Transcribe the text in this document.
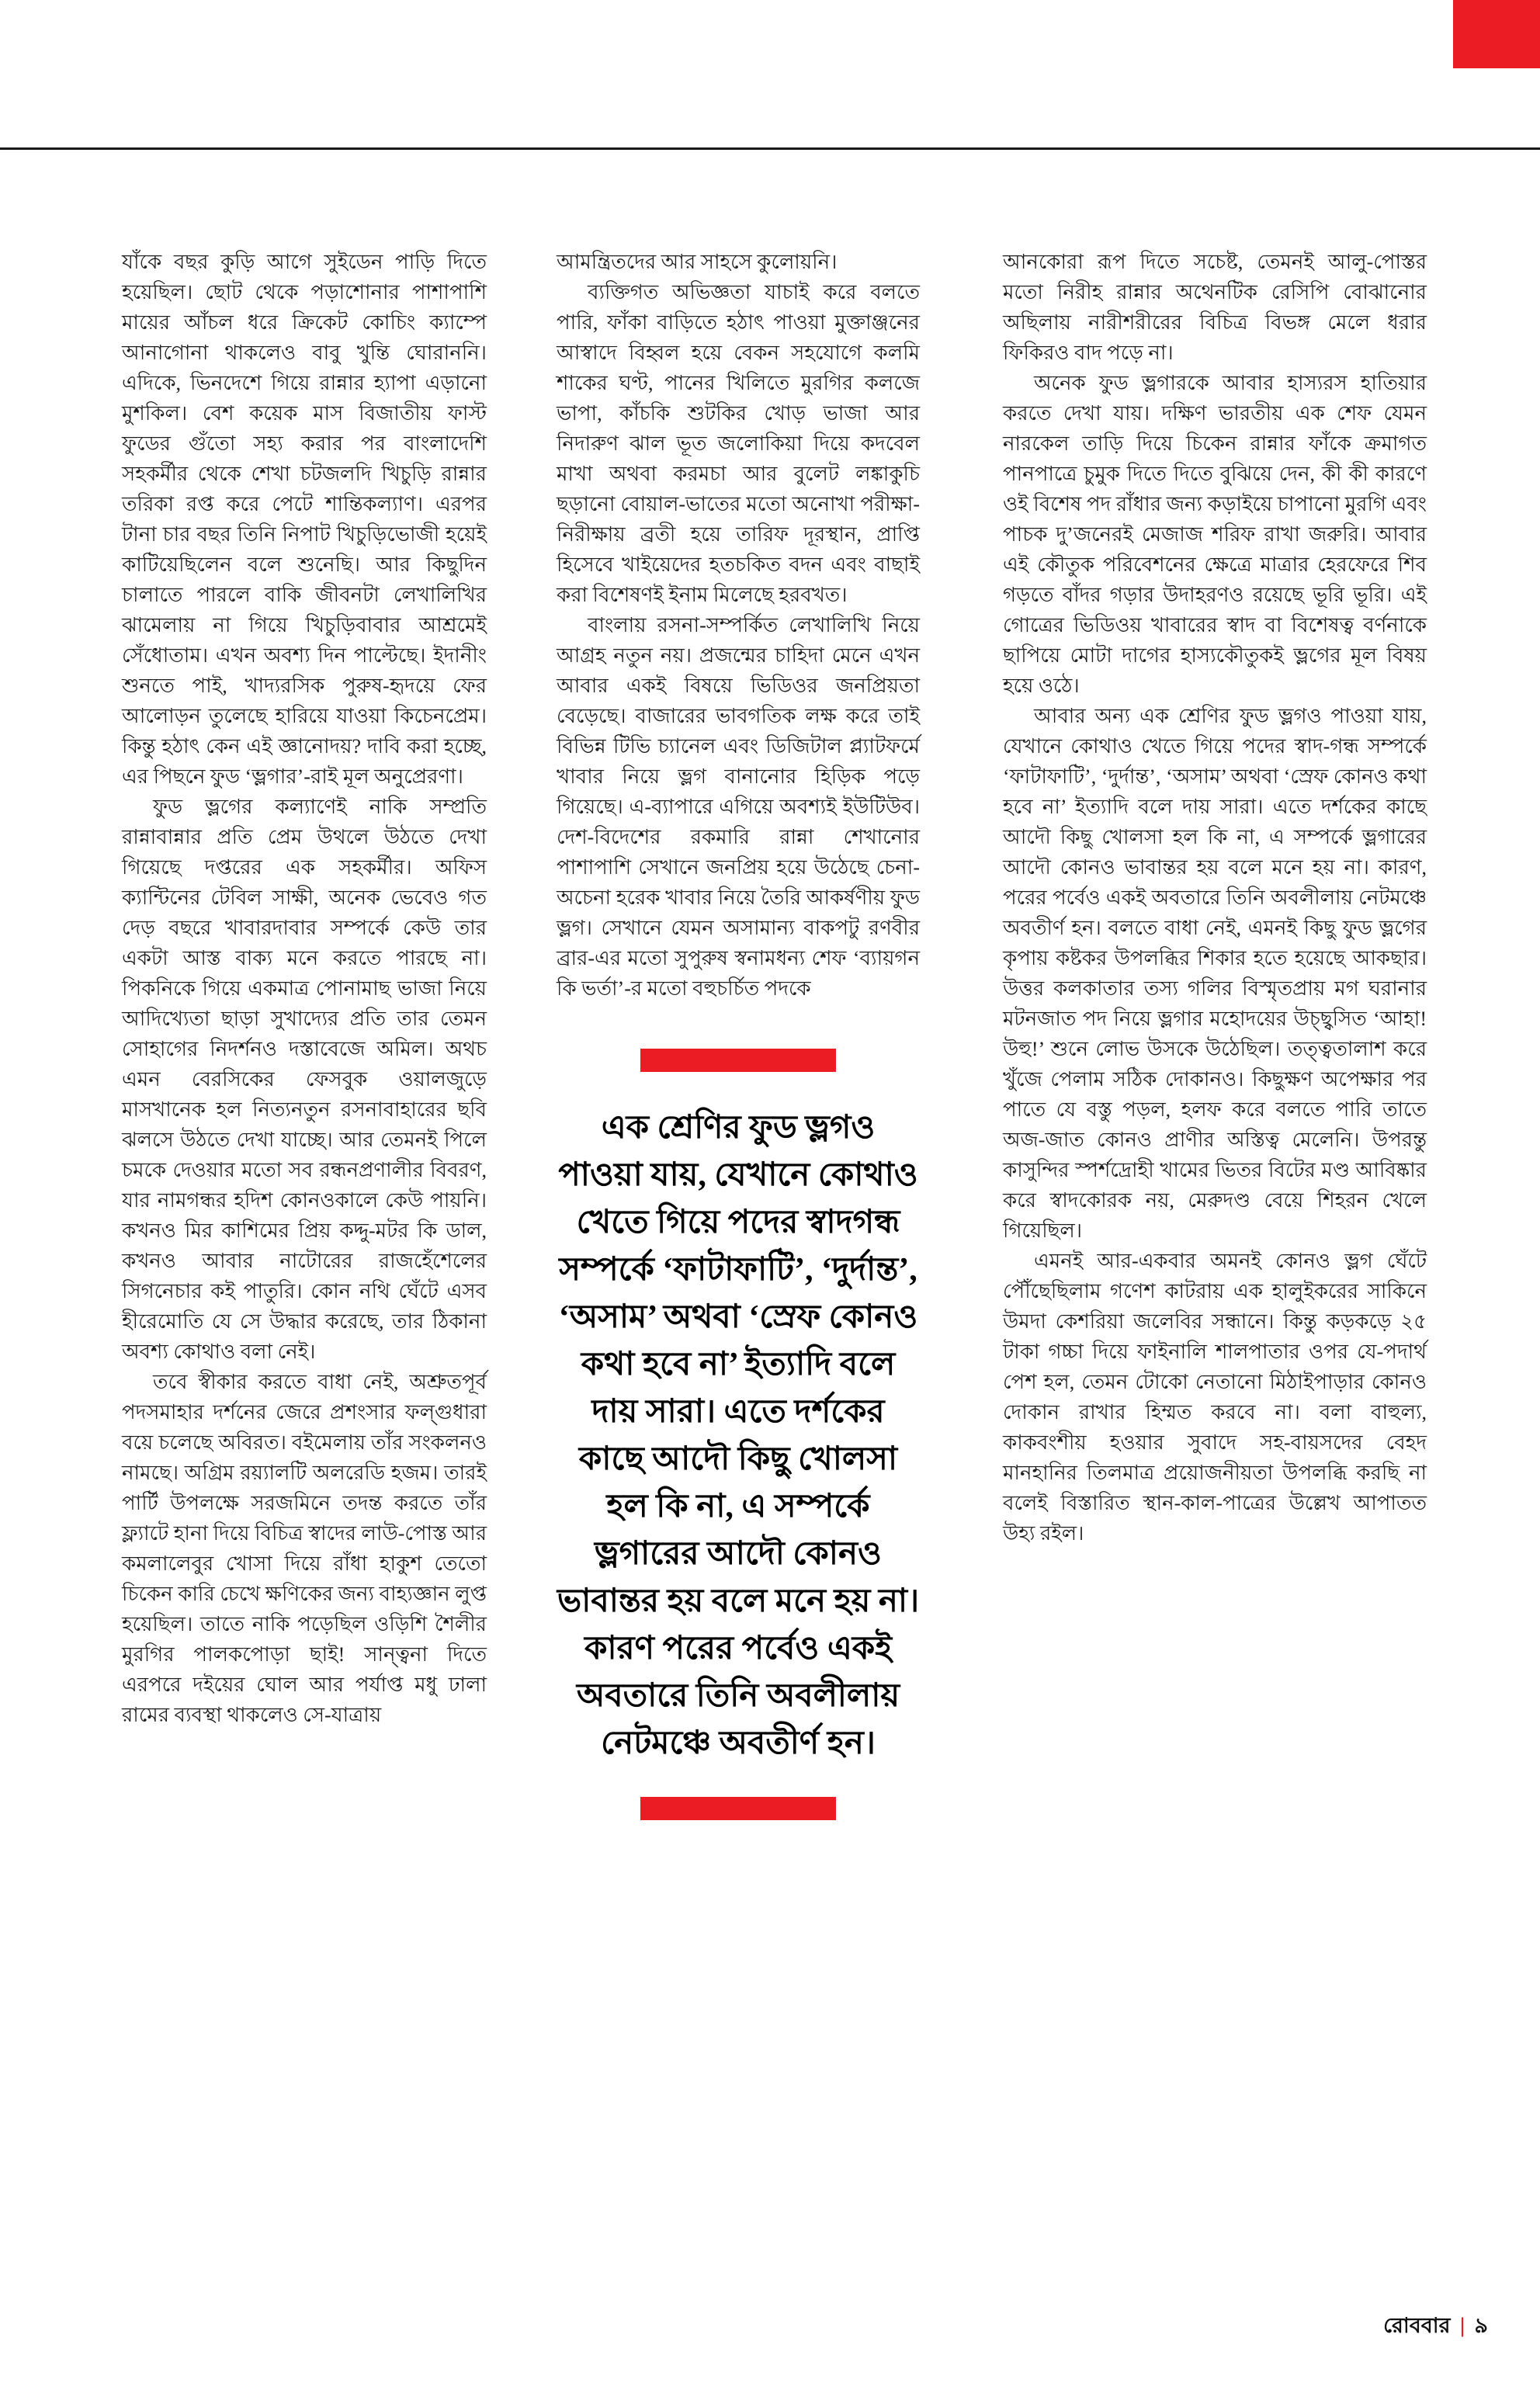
যাঁকে বছর কুড়ি আগে সুইডেন পাড়ি দিতে হয়েছিল। ছোট থেকে পড়াশোনার পাশাপাশি মায়ের আঁচল ধরে ক্রিকেট কোচিং ক্যাম্পে আনাগোনা থাকলেও বাবু খুন্তি ঘোরাননি। এদিকে, ভিনদেশে গিয়ে রান্নার হ্যাপা এড়ানো মুশকিল। বেশ কয়েক মাস বিজাতীয় ফাস্ট ফুডের গুঁতো সহ্য করার পর বাংলাদেশি সহকর্মীর থেকে শেখা চটজলদি খিচুড়ি রান্নার তরিকা রপ্ত করে পেটে শান্তিকল্যাণ। এরপর টানা চার বছর তিনি নিপাট খিচুড়িভোজী হয়েই কাটিয়েছিলেন বলে শুনেছি। আর কিছুদিন চালাতে পারলে বাকি জীবনটা লেখালিখির ঝামেলায় না গিয়ে খিচুড়িবাবার আশ্রমেই সেঁধোতাম। এখন অবশ্য দিন পাল্টেছে। ইদানীং শুনতে পাই, খাদ্যরসিক পুরুষ-হৃদয়ে ফের আলোড়ন তুলেছে হারিয়ে যাওয়া কিচেনপ্রেম। কিন্তু হঠাৎ কেন এই জ্ঞানোদয়? দাবি করা হচ্ছে, এর পিছনে ফুড ‘ভ্লগার’-রাই মূল অনুপ্রেরণা।

ফুড ভ্লগের কল্যাণেই নাকি সম্প্রতি রান্নাবান্নার প্রতি প্রেম উথলে উঠতে দেখা গিয়েছে দপ্তরের এক সহকর্মীর। অফিস ক্যান্টিনের টেবিল সাক্ষী, অনেক ভেবেও গত দেড় বছরে খাবারদাবার সম্পর্কে কেউ তার একটা আস্ত বাক্য মনে করতে পারছে না। পিকনিকে গিয়ে একমাত্র পোনামাছ ভাজা নিয়ে আদিখ্যেতা ছাড়া সুখাদ্যের প্রতি তার তেমন সোহাগের নিদর্শনও দস্তাবেজে অমিল। অথচ এমন বেরসিকের ফেসবুক ওয়ালজুড়ে মাসখানেক হল নিত্যনতুন রসনাবাহারের ছবি ঝলসে উঠতে দেখা যাচ্ছে। আর তেমনই পিলে চমকে দেওয়ার মতো সব রন্ধনপ্রণালীর বিবরণ, যার নামগন্ধর হদিশ কোনওকালে কেউ পায়নি। কখনও মির কাশিমের প্রিয় কদ্দু-মটর কি ডাল, কখনও আবার নাটোরের রাজহেঁশেলের সিগনেচার কই পাতুরি। কোন নথি ঘেঁটে এসব হীরেমোতি যে সে উদ্ধার করেছে, তার ঠিকানা অবশ্য কোথাও বলা নেই।

তবে স্বীকার করতে বাধা নেই, অশ্রুতপূর্ব পদসমাহার দর্শনের জেরে প্রশংসার ফল্গুধারা বয়ে চলেছে অবিরত। বইমেলায় তাঁর সংকলনও নামছে। অগ্রিম রয়্যালটি অলরেডি হজম। তারই পার্টি উপলক্ষে সরজমিনে তদন্ত করতে তাঁর ফ্ল্যাটে হানা দিয়ে বিচিত্র স্বাদের লাউ-পোস্ত আর কমলালেবুর খোসা দিয়ে রাঁধা হাকুশ তেতো চিকেন কারি চেখে ক্ষণিকের জন্য বাহ্যজ্ঞান লুপ্ত হয়েছিল। তাতে নাকি পড়েছিল ওড়িশি শৈলীর মুরগির পালকপোড়া ছাই! সান্ত্বনা দিতে এরপরে দইয়ের ঘোল আর পর্যাপ্ত মধু ঢালা রামের ব্যবস্থা থাকলেও সে-যাত্রায়

আমন্ত্রিতদের আর সাহসে কুলোয়নি।

ব্যক্তিগত অভিজ্ঞতা যাচাই করে বলতে পারি, ফাঁকা বাড়িতে হঠাৎ পাওয়া মুক্তাঞ্জনের আস্বাদে বিহ্বল হয়ে বেকন সহযোগে কলমি শাকের ঘণ্ট, পানের খিলিতে মুরগির কলজে ভাপা, কাঁচকি শুটকির খোড় ভাজা আর নিদারুণ ঝাল ভূত জলোকিয়া দিয়ে কদবেল মাখা অথবা করমচা আর বুলেট লঙ্কাকুচি ছড়ানো বোয়াল-ভাতের মতো অনোখা পরীক্ষা-নিরীক্ষায় ব্রতী হয়ে তারিফ দূরস্থান, প্রাপ্তি হিসেবে খাইয়েদের হতচকিত বদন এবং বাছাই করা বিশেষণই ইনাম মিলেছে হরবখত।

বাংলায় রসনা-সম্পর্কিত লেখালিখি নিয়ে আগ্রহ নতুন নয়। প্রজন্মের চাহিদা মেনে এখন আবার একই বিষয়ে ভিডিওর জনপ্রিয়তা বেড়েছে। বাজারের ভাবগতিক লক্ষ করে তাই বিভিন্ন টিভি চ্যানেল এবং ডিজিটাল প্ল্যাটফর্মে খাবার নিয়ে ভ্লগ বানানোর হিড়িক পড়ে গিয়েছে। এ-ব্যাপারে এগিয়ে অবশ্যই ইউটিউব। দেশ-বিদেশের রকমারি রান্না শেখানোর পাশাপাশি সেখানে জনপ্রিয় হয়ে উঠেছে চেনা-অচেনা হরেক খাবার নিয়ে তৈরি আকর্ষণীয় ফুড ভ্লগ। সেখানে যেমন অসামান্য বাকপটু রণবীর ব্রার-এর মতো সুপুরুষ স্বনামধন্য শেফ ‘ব্যায়গন কি ভর্তা’-র মতো বহুচর্চিত পদকে

এক শ্রেণির ফুড ভ্লগও পাওয়া যায়, যেখানে কোথাও খেতে গিয়ে পদের স্বাদগন্ধ সম্পর্কে ‘ফাটাফাটি’, ‘দুর্দান্ত’, ‘অসাম’ অথবা ‘স্রেফ কোনও কথা হবে না’ ইত্যাদি বলে দায় সারা। এতে দর্শকের কাছে আদৌ কিছু খোলসা হল কি না, এ সম্পর্কে ভ্লগারের আদৌ কোনও ভাবান্তর হয় বলে মনে হয় না। কারণ পরের পর্বেও একই অবতারে তিনি অবলীলায় নেটমঞ্চে অবতীর্ণ হন।

আনকোরা রূপ দিতে সচেষ্ট, তেমনই আলু-পোস্তর মতো নিরীহ রান্নার অথেনটিক রেসিপি বোঝানোর অছিলায় নারীশরীরের বিচিত্র বিভঙ্গ মেলে ধরার ফিকিরও বাদ পড়ে না।

অনেক ফুড ভ্লগারকে আবার হাস্যরস হাতিয়ার করতে দেখা যায়। দক্ষিণ ভারতীয় এক শেফ যেমন নারকেল তাড়ি দিয়ে চিকেন রান্নার ফাঁকে ক্রমাগত পানপাত্রে চুমুক দিতে দিতে বুঝিয়ে দেন, কী কী কারণে ওই বিশেষ পদ রাঁধার জন্য কড়াইয়ে চাপানো মুরগি এবং পাচক দু’জনেরই মেজাজ শরিফ রাখা জরুরি। আবার এই কৌতুক পরিবেশনের ক্ষেত্রে মাত্রার হেরফেরে শিব গড়তে বাঁদর গড়ার উদাহরণও রয়েছে ভূরি ভূরি। এই গোত্রের ভিডিওয় খাবারের স্বাদ বা বিশেষত্ব বর্ণনাকে ছাপিয়ে মোটা দাগের হাস্যকৌতুকই ভ্লগের মূল বিষয় হয়ে ওঠে।

আবার অন্য এক শ্রেণির ফুড ভ্লগও পাওয়া যায়, যেখানে কোথাও খেতে গিয়ে পদের স্বাদ-গন্ধ সম্পর্কে ‘ফাটাফাটি’, ‘দুর্দান্ত’, ‘অসাম’ অথবা ‘স্রেফ কোনও কথা হবে না’ ইত্যাদি বলে দায় সারা। এতে দর্শকের কাছে আদৌ কিছু খোলসা হল কি না, এ সম্পর্কে ভ্লগারের আদৌ কোনও ভাবান্তর হয় বলে মনে হয় না। কারণ, পরের পর্বেও একই অবতারে তিনি অবলীলায় নেটমঞ্চে অবতীর্ণ হন। বলতে বাধা নেই, এমনই কিছু ফুড ভ্লগের কৃপায় কষ্টকর উপলব্ধির শিকার হতে হয়েছে আকছার। উত্তর কলকাতার তস্য গলির বিস্মৃতপ্রায় মগ ঘরানার মটনজাত পদ নিয়ে ভ্লগার মহোদয়ের উচ্ছ্বসিত ‘আহা! উহু!’ শুনে লোভ উসকে উঠেছিল। তত্ত্বতালাশ করে খুঁজে পেলাম সঠিক দোকানও। কিছুক্ষণ অপেক্ষার পর পাতে যে বস্তু পড়ল, হলফ করে বলতে পারি তাতে অজ-জাত কোনও প্রাণীর অস্তিত্ব মেলেনি। উপরন্তু কাসুন্দির স্পর্শদ্রোহী খামের ভিতর বিটের মণ্ড আবিষ্কার করে স্বাদকোরক নয়, মেরুদণ্ড বেয়ে শিহরন খেলে গিয়েছিল।

এমনই আর-একবার অমনই কোনও ভ্লগ ঘেঁটে পৌঁছেছিলাম গণেশ কাটরায় এক হালুইকরের সাকিনে উমদা কেশরিয়া জলেবির সন্ধানে। কিন্তু কড়কড়ে ২৫ টাকা গচ্চা দিয়ে ফাইনালি শালপাতার ওপর যে-পদার্থ পেশ হল, তেমন টোকো নেতানো মিঠাইপাড়ার কোনও দোকান রাখার হিম্মত করবে না। বলা বাহুল্য, কাকবংশীয় হওয়ার সুবাদে সহ-বায়সদের বেহদ মানহানির তিলমাত্র প্রয়োজনীয়তা উপলব্ধি করছি না বলেই বিস্তারিত স্থান-কাল-পাত্রের উল্লেখ আপাতত উহ্য রইল।

রোববার | ৯
